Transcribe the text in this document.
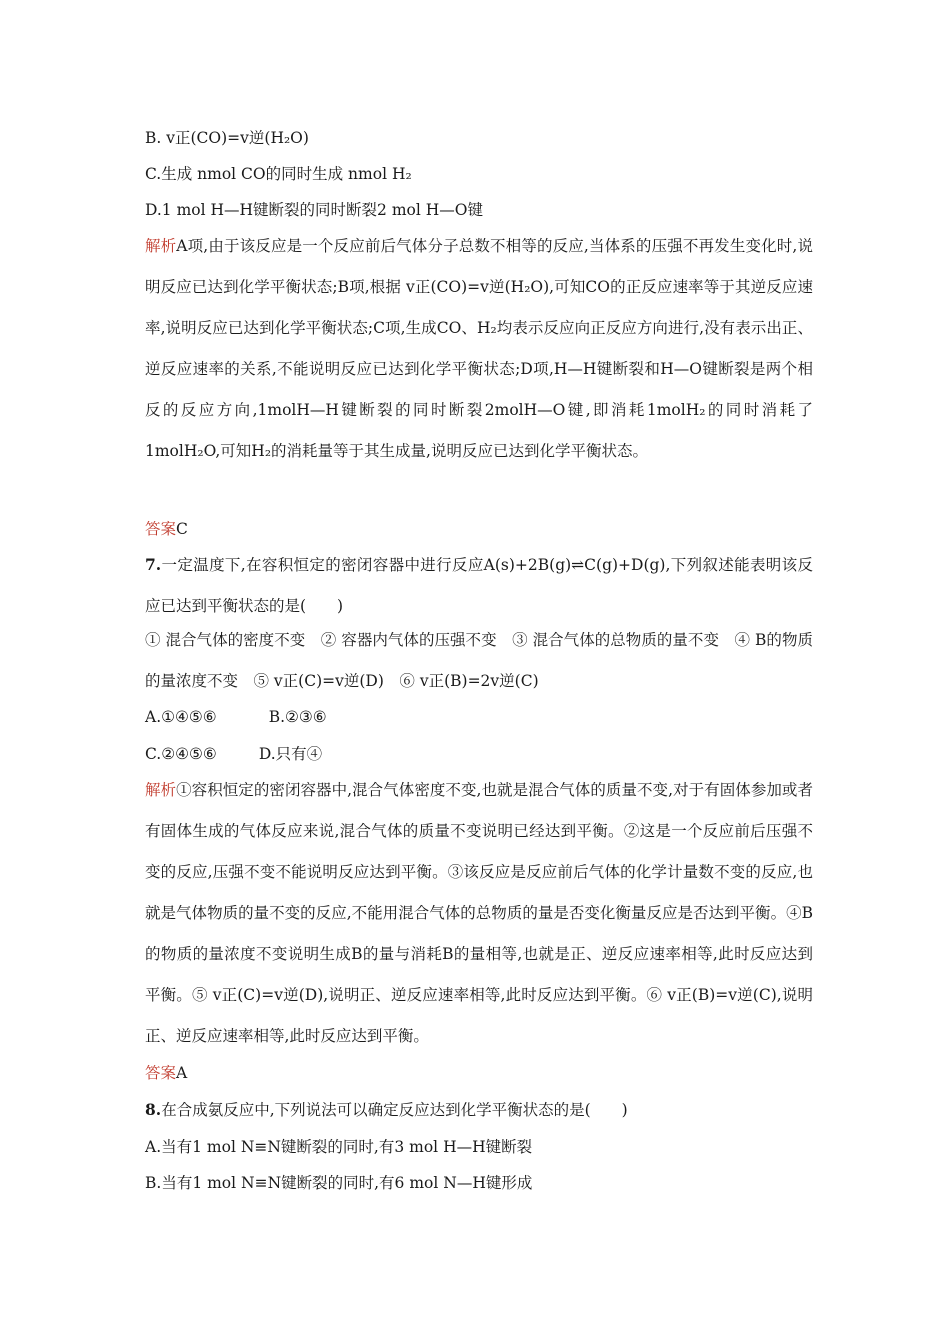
B. v正(CO)=v逆(H₂O)
C.生成 nmol CO的同时生成 nmol H₂
D.1 mol H—H键断裂的同时断裂2 mol H—O键
解析A项,由于该反应是一个反应前后气体分子总数不相等的反应,当体系的压强不再发生变化时,说明反应已达到化学平衡状态;B项,根据 v正(CO)=v逆(H₂O),可知CO的正反应速率等于其逆反应速率,说明反应已达到化学平衡状态;C项,生成CO、H₂均表示反应向正反应方向进行,没有表示出正、逆反应速率的关系,不能说明反应已达到化学平衡状态;D项,H—H键断裂和H—O键断裂是两个相反的反应方向,1molH—H键断裂的同时断裂2molH—O键,即消耗1molH₂的同时消耗了1molH₂O,可知H₂的消耗量等于其生成量,说明反应已达到化学平衡状态。
答案C
7.一定温度下,在容积恒定的密闭容器中进行反应A(s)+2B(g)⇌C(g)+D(g),下列叙述能表明该反应已达到平衡状态的是(　　)
① 混合气体的密度不变　② 容器内气体的压强不变　③ 混合气体的总物质的量不变　④ B的物质的量浓度不变　⑤ v正(C)=v逆(D)　⑥ v正(B)=2v逆(C)
A.①④⑤⑥	B.②③⑥
C.②④⑤⑥	D.只有④
解析①容积恒定的密闭容器中,混合气体密度不变,也就是混合气体的质量不变,对于有固体参加或者有固体生成的气体反应来说,混合气体的质量不变说明已经达到平衡。②这是一个反应前后压强不变的反应,压强不变不能说明反应达到平衡。③该反应是反应前后气体的化学计量数不变的反应,也就是气体物质的量不变的反应,不能用混合气体的总物质的量是否变化衡量反应是否达到平衡。④B的物质的量浓度不变说明生成B的量与消耗B的量相等,也就是正、逆反应速率相等,此时反应达到平衡。⑤ v正(C)=v逆(D),说明正、逆反应速率相等,此时反应达到平衡。⑥ v正(B)=v逆(C),说明正、逆反应速率相等,此时反应达到平衡。
答案A
8.在合成氨反应中,下列说法可以确定反应达到化学平衡状态的是(　　)
A.当有1 mol N≡N键断裂的同时,有3 mol H—H键断裂
B.当有1 mol N≡N键断裂的同时,有6 mol N—H键形成
